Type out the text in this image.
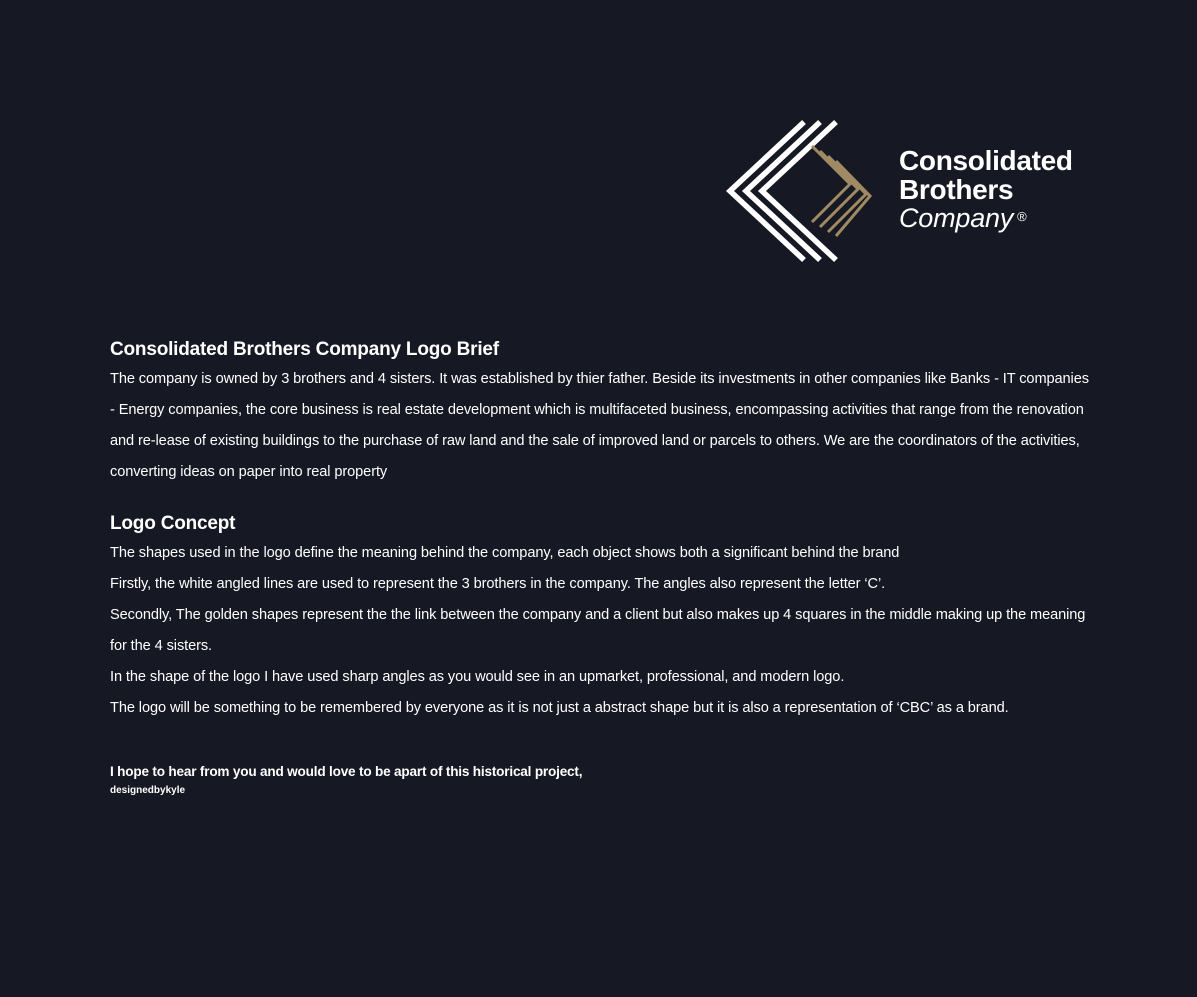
Consolidated
Brothers
Company ®
Consolidated Brothers Company Logo Brief

The company is owned by 3 brothers and 4 sisters. It was established by thier father. Beside its investments in other companies like Banks - IT companies - Energy companies, the core business is real estate development which is multifaceted business, encompassing activities that range from the renovation and re-lease of existing buildings to the purchase of raw land and the sale of improved land or parcels to others. We are the coordinators of the activities, converting ideas on paper into real property

Logo Concept

The shapes used in the logo define the meaning behind the company, each object shows both a significant behind the brand

Firstly, the white angled lines are used to represent the 3 brothers in the company. The angles also represent the letter ‘C’.

Secondly, The golden shapes represent the the link between the company and a client but also makes up 4 squares in the middle making up the meaning for the 4 sisters.

In the shape of the logo I have used sharp angles as you would see in an upmarket, professional, and modern logo.

The logo will be something to be remembered by everyone as it is not just a abstract shape but it is also a representation of ‘CBC’ as a brand.

I hope to hear from you and would love to be apart of this historical project,
designedbykyle
